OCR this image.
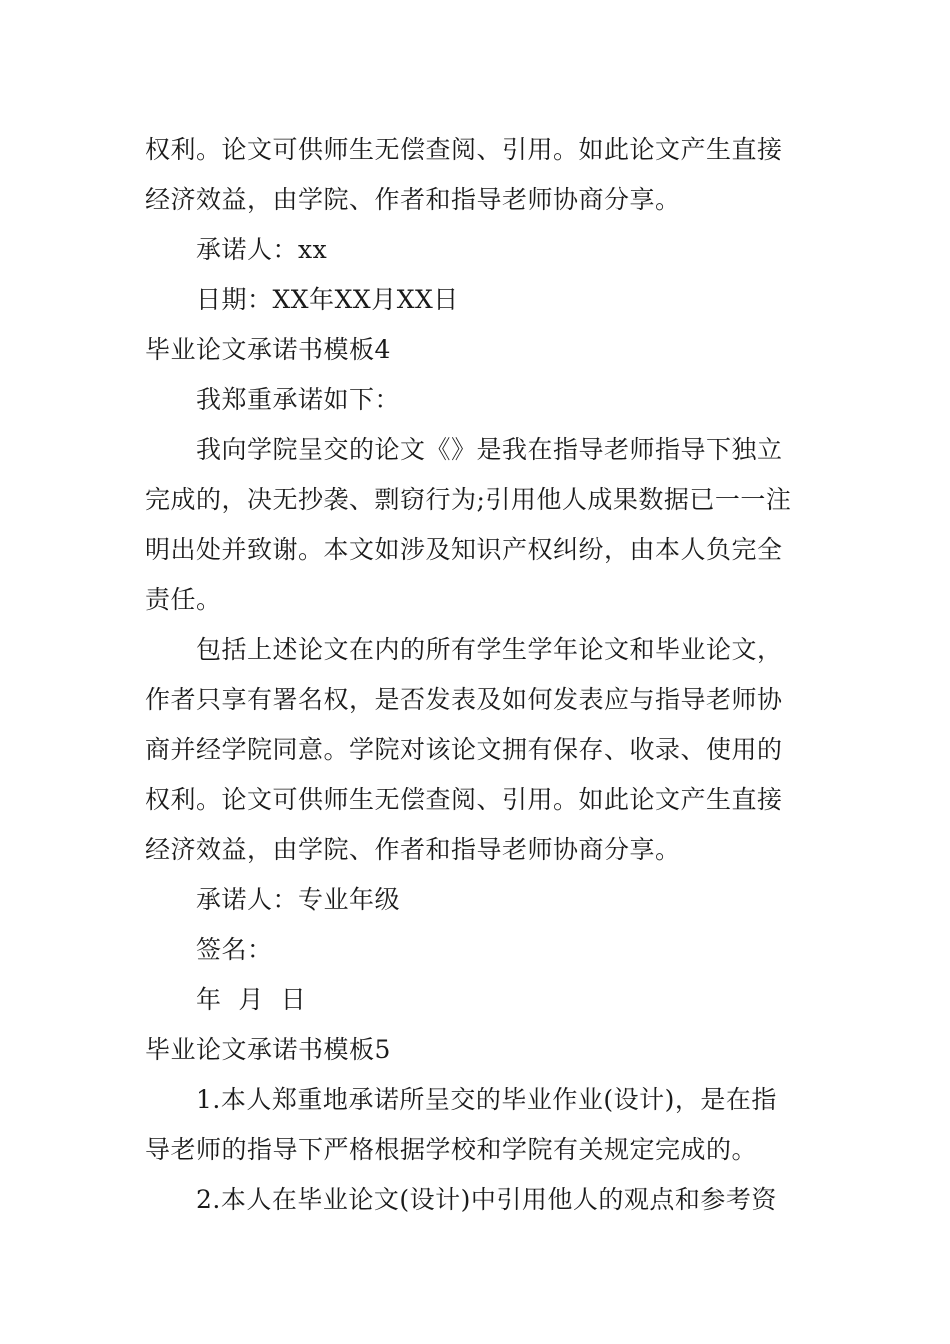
权利。论文可供师生无偿查阅、引用。如此论文产生直接
经济效益，由学院、作者和指导老师协商分享。
承诺人：xx
日期：XX年XX月XX日
毕业论文承诺书模板4
我郑重承诺如下：
我向学院呈交的论文《》是我在指导老师指导下独立
完成的，决无抄袭、剽窃行为;引用他人成果数据已一一注
明出处并致谢。本文如涉及知识产权纠纷，由本人负完全
责任。
包括上述论文在内的所有学生学年论文和毕业论文，
作者只享有署名权，是否发表及如何发表应与指导老师协
商并经学院同意。学院对该论文拥有保存、收录、使用的
权利。论文可供师生无偿查阅、引用。如此论文产生直接
经济效益，由学院、作者和指导老师协商分享。
承诺人：专业年级
签名：
年  月  日
毕业论文承诺书模板5
1.本人郑重地承诺所呈交的毕业作业(设计)，是在指
导老师的指导下严格根据学校和学院有关规定完成的。
2.本人在毕业论文(设计)中引用他人的观点和参考资
